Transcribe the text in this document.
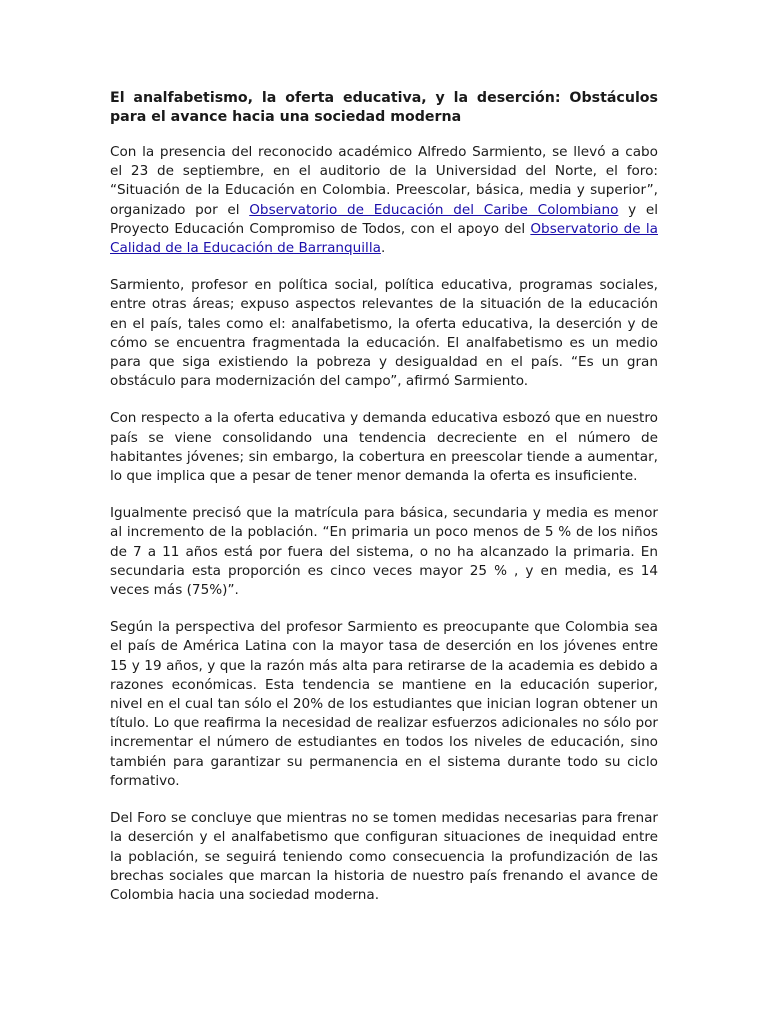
El analfabetismo, la oferta educativa, y la deserción: Obstáculos para el avance hacia una sociedad moderna

Con la presencia del reconocido académico Alfredo Sarmiento, se llevó a cabo el 23 de septiembre, en el auditorio de la Universidad del Norte, el foro: “Situación de la Educación en Colombia. Preescolar, básica, media y superior”, organizado por el Observatorio de Educación del Caribe Colombiano y el Proyecto Educación Compromiso de Todos, con el apoyo del Observatorio de la Calidad de la Educación de Barranquilla.

Sarmiento, profesor en política social, política educativa, programas sociales, entre otras áreas; expuso aspectos relevantes de la situación de la educación en el país, tales como el: analfabetismo, la oferta educativa, la deserción y de cómo se encuentra fragmentada la educación. El analfabetismo es un medio para que siga existiendo la pobreza y desigualdad en el país. “Es un gran obstáculo para modernización del campo”, afirmó Sarmiento.

Con respecto a la oferta educativa y demanda educativa esbozó que en nuestro país se viene consolidando una tendencia decreciente en el número de habitantes jóvenes; sin embargo, la cobertura en preescolar tiende a aumentar, lo que implica que a pesar de tener menor demanda la oferta es insuficiente.

Igualmente precisó que la matrícula para básica, secundaria y media es menor al incremento de la población. “En primaria un poco menos de 5 % de los niños de 7 a 11 años está por fuera del sistema, o no ha alcanzado la primaria. En secundaria esta proporción es cinco veces mayor 25 % , y en media, es 14 veces más (75%)”.

Según la perspectiva del profesor Sarmiento es preocupante que Colombia sea el país de América Latina con la mayor tasa de deserción en los jóvenes entre 15 y 19 años, y que la razón más alta para retirarse de la academia es debido a razones económicas. Esta tendencia se mantiene en la educación superior, nivel en el cual tan sólo el 20% de los estudiantes que inician logran obtener un título. Lo que reafirma la necesidad de realizar esfuerzos adicionales no sólo por incrementar el número de estudiantes en todos los niveles de educación, sino también para garantizar su permanencia en el sistema durante todo su ciclo formativo.

Del Foro se concluye que mientras no se tomen medidas necesarias para frenar la deserción y el analfabetismo que configuran situaciones de inequidad entre la población, se seguirá teniendo como consecuencia la profundización de las brechas sociales que marcan la historia de nuestro país frenando el avance de Colombia hacia una sociedad moderna.
